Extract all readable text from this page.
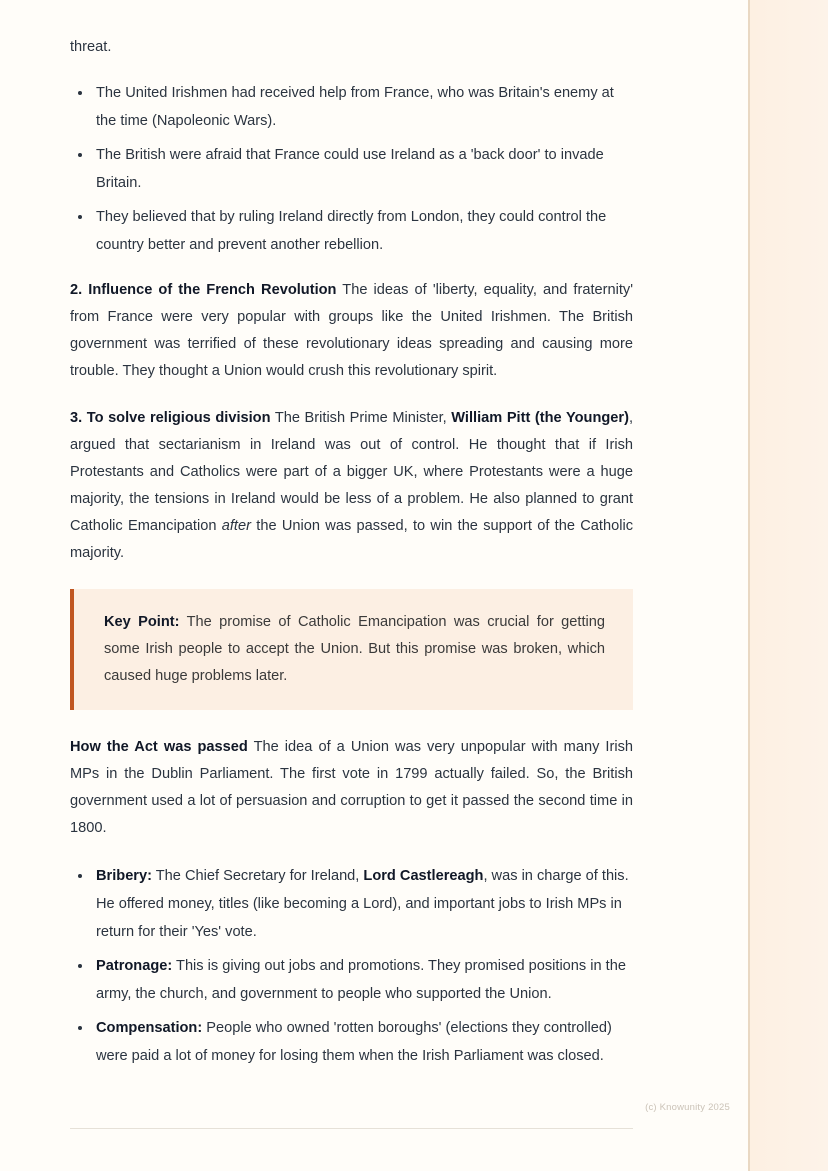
threat.

The United Irishmen had received help from France, who was Britain's enemy at the time (Napoleonic Wars).
The British were afraid that France could use Ireland as a 'back door' to invade Britain.
They believed that by ruling Ireland directly from London, they could control the country better and prevent another rebellion.

2. Influence of the French Revolution The ideas of 'liberty, equality, and fraternity' from France were very popular with groups like the United Irishmen. The British government was terrified of these revolutionary ideas spreading and causing more trouble. They thought a Union would crush this revolutionary spirit.

3. To solve religious division The British Prime Minister, William Pitt (the Younger), argued that sectarianism in Ireland was out of control. He thought that if Irish Protestants and Catholics were part of a bigger UK, where Protestants were a huge majority, the tensions in Ireland would be less of a problem. He also planned to grant Catholic Emancipation after the Union was passed, to win the support of the Catholic majority.

Key Point: The promise of Catholic Emancipation was crucial for getting some Irish people to accept the Union. But this promise was broken, which caused huge problems later.

How the Act was passed The idea of a Union was very unpopular with many Irish MPs in the Dublin Parliament. The first vote in 1799 actually failed. So, the British government used a lot of persuasion and corruption to get it passed the second time in 1800.

Bribery: The Chief Secretary for Ireland, Lord Castlereagh, was in charge of this. He offered money, titles (like becoming a Lord), and important jobs to Irish MPs in return for their 'Yes' vote.
Patronage: This is giving out jobs and promotions. They promised positions in the army, the church, and government to people who supported the Union.
Compensation: People who owned 'rotten boroughs' (elections they controlled) were paid a lot of money for losing them when the Irish Parliament was closed.
(c) Knowunity 2025
